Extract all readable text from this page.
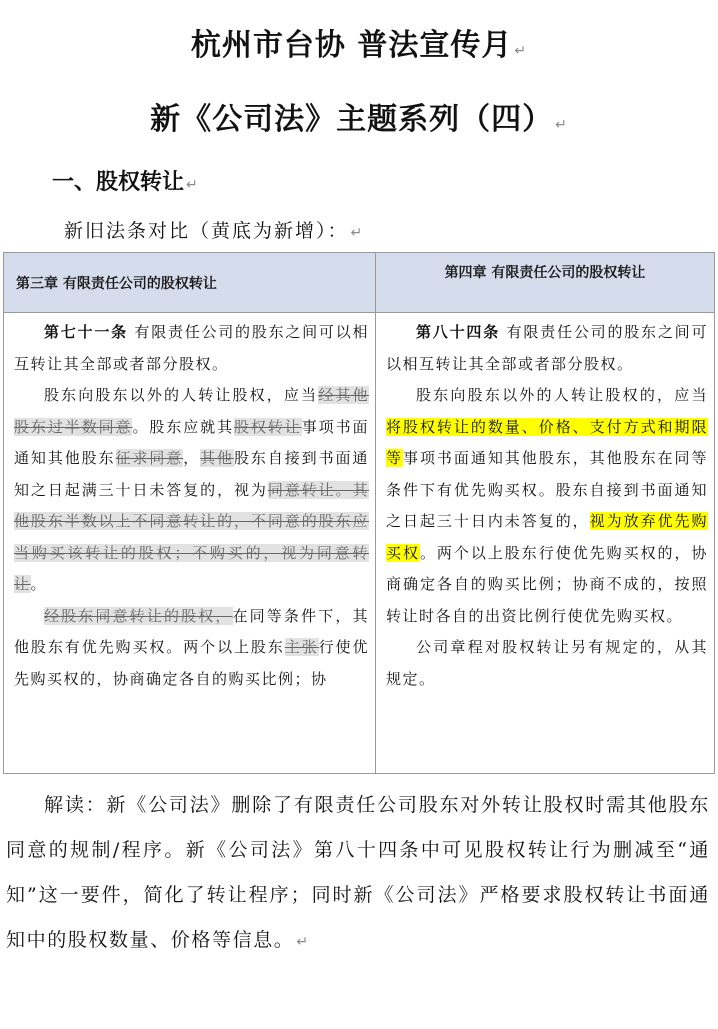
杭州市台协 普法宣传月 ↵
新《公司法》主题系列（四） ↵
一、股权转让 ↵
新旧法条对比（黄底为新增）： ↵
第三章 有限责任公司的股权转让

第七十一条 有限责任公司的股东之间可以相互转让其全部或者部分股权。

股东向股东以外的人转让股权，应当经其他股东过半数同意。股东应就其股权转让事项书面通知其他股东征求同意，其他股东自接到书面通知之日起满三十日未答复的，视为同意转让。其他股东半数以上不同意转让的，不同意的股东应当购买该转让的股权；不购买的，视为同意转让。

经股东同意转让的股权，在同等条件下，其他股东有优先购买权。两个以上股东主张行使优先购买权的，协商确定各自的购买比例；协

第四章 有限责任公司的股权转让

第八十四条 有限责任公司的股东之间可以相互转让其全部或者部分股权。

股东向股东以外的人转让股权的，应当将股权转让的数量、价格、支付方式和期限等事项书面通知其他股东，其他股东在同等条件下有优先购买权。股东自接到书面通知之日起三十日内未答复的，视为放弃优先购买权。两个以上股东行使优先购买权的，协商确定各自的购买比例；协商不成的，按照转让时各自的出资比例行使优先购买权。

公司章程对股权转让另有规定的，从其规定。

解读：新《公司法》删除了有限责任公司股东对外转让股权时需其他股东同意的规制/程序。新《公司法》第八十四条中可见股权转让行为删减至“通知”这一要件，简化了转让程序；同时新《公司法》严格要求股权转让书面通知中的股权数量、价格等信息。 ↵
